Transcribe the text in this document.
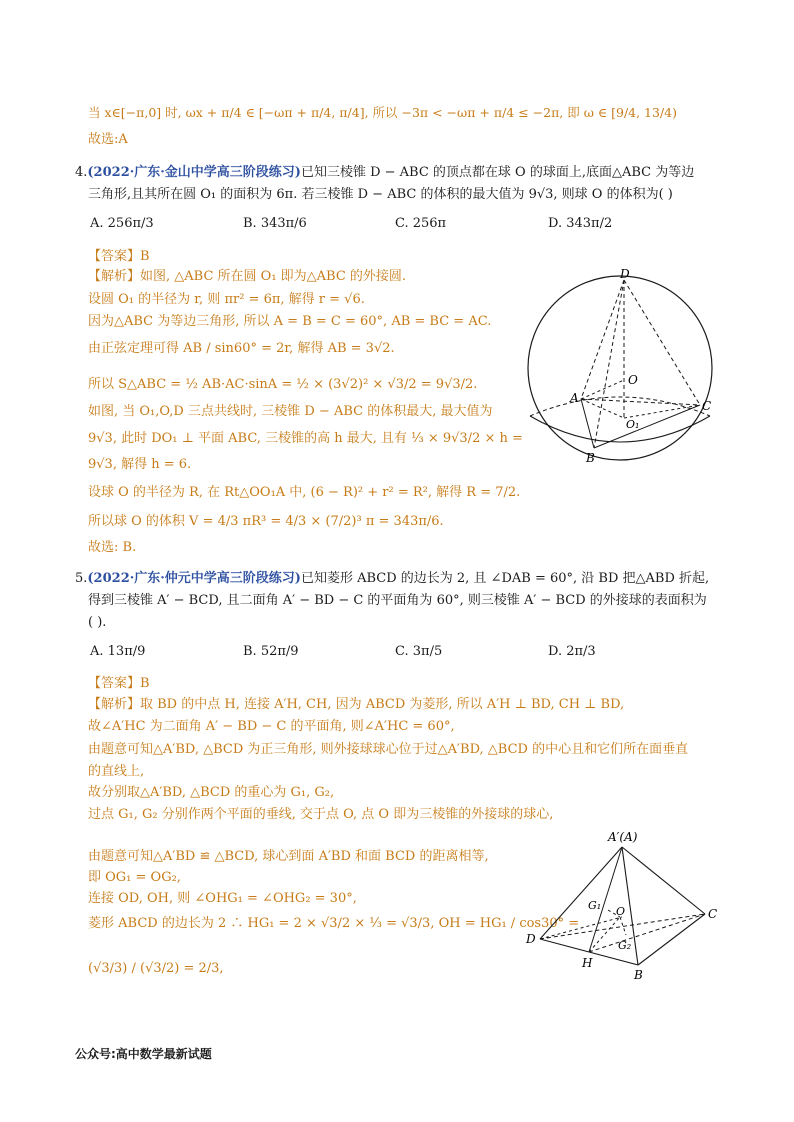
当 x∈[−π,0] 时, ωx + π/4 ∈ [−ωπ + π/4, π/4], 所以 −3π < −ωπ + π/4 ≤ −2π, 即 ω ∈ [9/4, 13/4)
故选:A
4.(2022·广东·金山中学高三阶段练习)已知三棱锥 D − ABC 的顶点都在球 O 的球面上,底面△ABC 为等边
三角形,且其所在圆 O₁ 的面积为 6π. 若三棱锥 D − ABC 的体积的最大值为 9√3, 则球 O 的体积为( )
A. 256π/3	B. 343π/6	C. 256π	D. 343π/2
【答案】B
【解析】如图, △ABC 所在圆 O₁ 即为△ABC 的外接圆.
设圆 O₁ 的半径为 r, 则 πr² = 6π, 解得 r = √6.
因为△ABC 为等边三角形, 所以 A = B = C = 60°, AB = BC = AC.
由正弦定理可得 AB / sin60° = 2r, 解得 AB = 3√2.
所以 S△ABC = ½ AB·AC·sinA = ½ × (3√2)² × √3/2 = 9√3/2.
如图, 当 O₁,O,D 三点共线时, 三棱锥 D − ABC 的体积最大, 最大值为
9√3, 此时 DO₁ ⊥ 平面 ABC, 三棱锥的高 h 最大, 且有 ⅓ × 9√3/2 × h =
9√3, 解得 h = 6.
设球 O 的半径为 R, 在 Rt△OO₁A 中, (6 − R)² + r² = R², 解得 R = 7/2.
所以球 O 的体积 V = 4/3 πR³ = 4/3 × (7/2)³ π = 343π/6.
故选: B.
D
O
A
C
O₁
B
5.(2022·广东·仲元中学高三阶段练习)已知菱形 ABCD 的边长为 2, 且 ∠DAB = 60°, 沿 BD 把△ABD 折起,
得到三棱锥 A′ − BCD, 且二面角 A′ − BD − C 的平面角为 60°, 则三棱锥 A′ − BCD 的外接球的表面积为
( ).
A. 13π/9	B. 52π/9	C. 3π/5	D. 2π/3
【答案】B
【解析】取 BD 的中点 H, 连接 A′H, CH, 因为 ABCD 为菱形, 所以 A′H ⊥ BD, CH ⊥ BD,
故∠A′HC 为二面角 A′ − BD − C 的平面角, 则∠A′HC = 60°,
由题意可知△A′BD, △BCD 为正三角形, 则外接球球心位于过△A′BD, △BCD 的中心且和它们所在面垂直
的直线上,
故分别取△A′BD, △BCD 的重心为 G₁, G₂,
过点 G₁, G₂ 分别作两个平面的垂线, 交于点 O, 点 O 即为三棱锥的外接球的球心,
由题意可知△A′BD ≌ △BCD, 球心到面 A′BD 和面 BCD 的距离相等,
即 OG₁ = OG₂,
连接 OD, OH, 则 ∠OHG₁ = ∠OHG₂ = 30°,
菱形 ABCD 的边长为 2 ∴ HG₁ = 2 × √3/2 × ⅓ = √3/3, OH = HG₁ / cos30° =
(√3/3) / (√3/2) = 2/3,
A′(A)
G₁ O	C
D
H
G₂
B
公众号:高中数学最新试题
